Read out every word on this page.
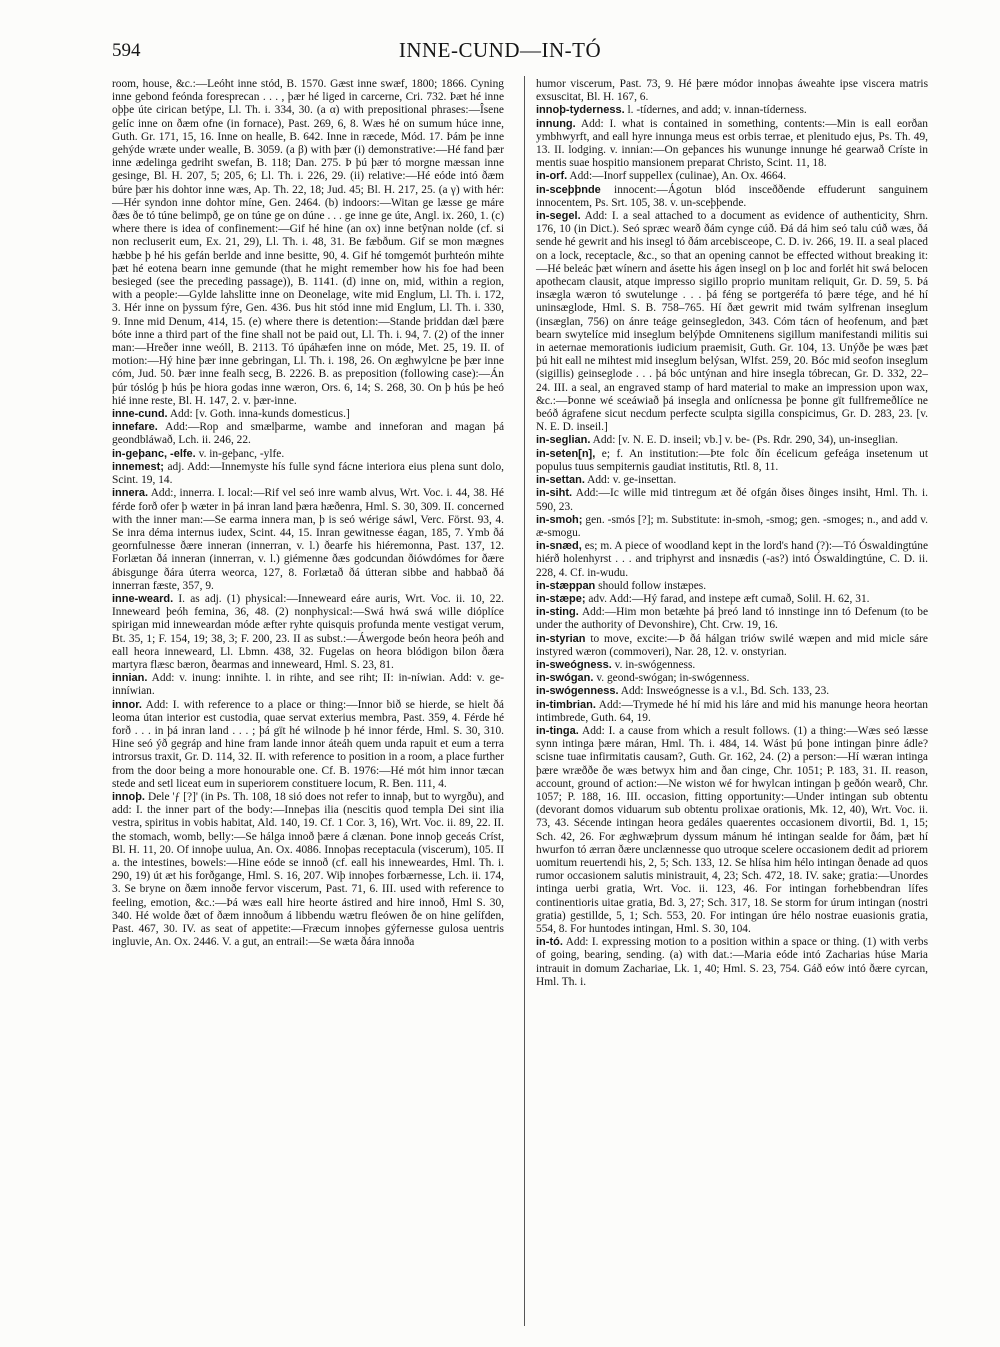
594	INNE-CUND—IN-TÓ

room, house, &c.:—Leóht inne stód, B. 1570. Gæst inne swæf, 1800; 1866. Cyning inne gebond feónda foresprecan . . . , þær hé liged in carcerne, Cri. 732. Þæt hé inne oþþe úte cirican betýpe, Ll. Th. i. 334, 30. (a α) with prepositional phrases:—Îsene gelíc inne on ðæm ofne (in fornace), Past. 269, 6, 8. Wæs hé on sumum húce inne, Guth. Gr. 171, 15, 16. Inne on healle, B. 642. Inne in ræcede, Mód. 17. Þám þe inne gehýde wræte under wealle, B. 3059. (a β) with þær (i) demonstrative:—Hé fand þær inne ædelinga gedriht swefan, B. 118; Dan. 275. Þ þú þær tó morgne mæssan inne gesinge, Bl. H. 207, 5; 205, 6; Ll. Th. i. 226, 29. (ii) relative:—Hé eóde intó ðæm búre þær his dohtor inne wæs, Ap. Th. 22, 18; Jud. 45; Bl. H. 217, 25. (a γ) with hér:—Hér syndon inne dohtor míne, Gen. 2464. (b) indoors:—Witan ge læsse ge máre ðæs ðe tó túne belimpð, ge on túne ge on dúne . . . ge inne ge úte, Angl. ix. 260, 1. (c) where there is idea of confinement:—Gif hé hine (an ox) inne betŷnan nolde (cf. si non recluserit eum, Ex. 21, 29), Ll. Th. i. 48, 31. Be fæbðum. Gif se mon mægnes hæbbe þ hé his gefán berlde and inne besitte, 90, 4. Gif hé tomgemót þurhteón mihte þæt hé eotena bearn inne gemunde (that he might remember how his foe had been besieged (see the preceding passage)), B. 1141. (d) inne on, mid, within a region, with a people:—Gylde lahslitte inne on Deonelage, wite mid Englum, Ll. Th. i. 172, 3. Hér inne on þyssum fýre, Gen. 436. Þus hit stód inne mid Englum, Ll. Th. i. 330, 9. Inne mid Denum, 414, 15. (e) where there is detention:—Stande þriddan dæl þære bóte inne a third part of the fine shall not be paid out, Ll. Th. i. 94, 7. (2) of the inner man:—Hreðer inne weóll, B. 2113. Tó úpáhæfen inne on móde, Met. 25, 19. II. of motion:—Hý hine þær inne gebringan, Ll. Th. i. 198, 26. On æghwylcne þe þær inne cóm, Jud. 50. Þær inne fealh secg, B. 2226. B. as preposition (following case):—Án þúr tóslóg þ hús þe hiora godas inne wæron, Ors. 6, 14; S. 268, 30. On þ hús þe heó hié inne reste, Bl. H. 147, 2. v. þær-inne.

inne-cund. Add: [v. Goth. inna-kunds domesticus.]

innefare. Add:—Rop and smælþarme, wambe and inneforan and magan þá geondbláwað, Lch. ii. 246, 22.

in-geþanc, -elfe. v. in-geþanc, -ylfe.

innemest; adj. Add:—Innemyste hís fulle synd fácne interiora eius plena sunt dolo, Scint. 19, 14.

innera. Add:, innerra. I. local:—Rif vel seó inre wamb alvus, Wrt. Voc. i. 44, 38. Hé férde forð ofer þ wæter in þá inran land þæra hæðenra, Hml. S. 30, 309. II. concerned with the inner man:—Se earma innera man, þ is seó wérige sáwl, Verc. Först. 93, 4. Se inra déma internus iudex, Scint. 44, 15. Inran gewitnesse éagan, 185, 7. Ymb ðá geornfulnesse ðære inneran (innerran, v. l.) ðearfe his hiéremonna, Past. 137, 12. Forlætan ðá inneran (innerran, v. l.) giémenne ðæs godcundan ðiówdómes for ðære ábisgunge ðára úterra weorca, 127, 8. Forlætað ðá útteran sibbe and habbað ðá innerran fæste, 357, 9.

inne-weard. I. as adj. (1) physical:—Inneweard eáre auris, Wrt. Voc. ii. 10, 22. Inneweard þeóh femina, 36, 48. (2) nonphysical:—Swá hwá swá wille dióplíce spirigan mid inneweardan móde æfter ryhte quisquis profunda mente vestigat verum, Bt. 35, 1; F. 154, 19; 38, 3; F. 200, 23. II as subst.:—Áwergode beón heora þeóh and eall heora inneweard, Ll. Lbmn. 438, 32. Fugelas on heora blódigon bilon ðæra martyra flæsc bæron, ðearmas and inneweard, Hml. S. 23, 81.

innian. Add: v. inung: innihte. l. in rihte, and see riht; II: in-níwian. Add: v. ge-inníwian.

innor. Add: I. with reference to a place or thing:—Innor bið se hierde, se hielt ðá leoma útan interior est custodia, quae servat exterius membra, Past. 359, 4. Férde hé forð . . . in þá inran land . . . ; þá gït hé wilnode þ hé innor férde, Hml. S. 30, 310. Hine seó ýð gegráp and hine fram lande innor áteáh quem unda rapuit et eum a terra introrsus traxit, Gr. D. 114, 32. II. with reference to position in a room, a place further from the door being a more honourable one. Cf. B. 1976:—Hé mót him innor tæcan stede and setl liceat eum in superiorem constituere locum, R. Ben. 111, 4.

innoþ. Dele 'ƒ [?]' (in Ps. Th. 108, 18 sió does not refer to innaþ, but to wyrgðu), and add: I. the inner part of the body:—Inneþas ilia (nescitis quod templa Dei sint ilia vestra, spiritus in vobis habitat, Ald. 140, 19. Cf. 1 Cor. 3, 16), Wrt. Voc. ii. 89, 22. II. the stomach, womb, belly:—Se hálga innoð þære á clænan. Þone innoþ geceás Críst, Bl. H. 11, 20. Of innoþe uulua, An. Ox. 4086. Innoþas receptacula (viscerum), 105. II a. the intestines, bowels:—Hine eóde se innoð (cf. eall his inneweardes, Hml. Th. i. 290, 19) út æt his forðgange, Hml. S. 16, 207. Wiþ innoþes forbærnesse, Lch. ii. 174, 3. Se bryne on ðæm innoðe fervor viscerum, Past. 71, 6. III. used with reference to feeling, emotion, &c.:—Þá wæs eall hire heorte ástired and hire innoð, Hml S. 30, 340. Hé wolde ðæt of ðæm innoðum á libbendu wætru fleówen ðe on hine gelífden, Past. 467, 30. IV. as seat of appetite:—Fræcum innoþes gýfernesse gulosa uentris ingluvie, An. Ox. 2446. V. a gut, an entrail:—Se wæta ðára innoða

humor viscerum, Past. 73, 9. Hé þære módor innoþas áweahte ipse viscera matris exsuscitat, Bl. H. 167, 6.

innoþ-tyderness. l. -tídernes, and add; v. innan-tíderness.

innung. Add: I. what is contained in something, contents:—Min is eall eorðan ymbhwyrft, and eall hyre innunga meus est orbis terrae, et plenitudo ejus, Ps. Th. 49, 13. II. lodging. v. innian:—On geþances his wununge innunge hé gearwað Críste in mentis suae hospitio mansionem preparat Christo, Scint. 11, 18.

in-orf. Add:—Inorf suppellex (culinae), An. Ox. 4664.

in-sceþþnde innocent:—Ágotun blód insceððende effuderunt sanguinem innocentem, Ps. Srt. 105, 38. v. un-sceþþende.

in-segel. Add: I. a seal attached to a document as evidence of authenticity, Shrn. 176, 10 (in Dict.). Seó spræc wearð ðám cynge cúð. Ðá dá him seó talu cúð wæs, ðá sende hé gewrit and his insegl tó ðám arcebisceope, C. D. iv. 266, 19. II. a seal placed on a lock, receptacle, &c., so that an opening cannot be effected without breaking it:—Hé beleác þæt wínern and ásette his ágen insegl on þ loc and forlét hit swá belocen apothecam clausit, atque impresso sigillo proprio munitam reliquit, Gr. D. 59, 5. Þá insægla wæron tó swutelunge . . . þá féng se portgeréfa tó þære tége, and hé hí uninsæglode, Hml. S. B. 758–765. Hí ðæt gewrit mid twám sylfrenan inseglum (insæglan, 756) on ánre teáge geinsegledon, 343. Cóm tácn of heofenum, and þæt bearn swytelíce mid inseglum belýþde Omnitenens sigillum manifestandi militis sui in aeternae memorationis iudicium praemisit, Guth. Gr. 104, 13. Unýðe þe wæs þæt þú hit eall ne mihtest mid inseglum belýsan, Wlfst. 259, 20. Bóc mid seofon inseglum (sigillis) geinseglode . . . þá bóc untýnan and hire insegla tóbrecan, Gr. D. 332, 22–24. III. a seal, an engraved stamp of hard material to make an impression upon wax, &c.:—Þonne wé sceáwiað þá insegla and onlícnessa þe þonne gït fullfremeðlíce ne beóð ágrafene sicut necdum perfecte sculpta sigilla conspicimus, Gr. D. 283, 23. [v. N. E. D. inseil.]

in-seglian. Add: [v. N. E. D. inseil; vb.] v. be- (Ps. Rdr. 290, 34), un-inseglian.

in-seten[n], e; f. An institution:—Þte folc ðín écelicum gefeága insetenum ut populus tuus sempiternis gaudiat institutis, Rtl. 8, 11.

in-settan. Add: v. ge-insettan.

in-siht. Add:—Ic wille mid tintregum æt ðé ofgán ðises ðinges insiht, Hml. Th. i. 590, 23.

in-smoh; gen. -smós [?]; m. Substitute: in-smoh, -smog; gen. -smoges; n., and add v. æ-smogu.

in-snæd, es; m. A piece of woodland kept in the lord's hand (?):—Tó Óswaldingtúne hiérð holenhyrst . . . and triphyrst and insnædis (-as?) intó Óswaldingtúne, C. D. ii. 228, 4. Cf. in-wudu.

in-stæppan should follow instæpes.

in-stæpe; adv. Add:—Hý farad, and instepe æft cumað, Solil. H. 62, 31.

in-sting. Add:—Him mon betæhte þá þreó land tó innstinge inn tó Defenum (to be under the authority of Devonshire), Cht. Crw. 19, 16.

in-styrian to move, excite:—Þ ðá hálgan triów swilé wæpen and mid micle sáre instyred wæron (commoveri), Nar. 28, 12. v. onstyrian.

in-sweógness. v. in-swógenness.

in-swógan. v. geond-swógan; in-swógenness.

in-swógenness. Add: Insweógnesse is a v.l., Bd. Sch. 133, 23.

in-timbrian. Add:—Trymede hé hí mid his láre and mid his manunge heora heortan intimbrede, Guth. 64, 19.

in-tinga. Add: I. a cause from which a result follows. (1) a thing:—Wæs seó læsse synn intinga þære máran, Hml. Th. i. 484, 14. Wást þú þone intingan þinre ádle? scisne tuae infirmitatis causam?, Guth. Gr. 162, 24. (2) a person:—Hí wæran intinga þære wræððe ðe wæs betwyx him and ðan cinge, Chr. 1051; P. 183, 31. II. reason, account, ground of action:—Ne wiston wé for hwylcan intingan þ geðón wearð, Chr. 1057; P. 188, 16. III. occasion, fitting opportunity:—Under intingan sub obtentu (devorant domos viduarum sub obtentu prolixae orationis, Mk. 12, 40), Wrt. Voc. ii. 73, 43. Sécende intingan heora gedáles quaerentes occasionem divortii, Bd. 1, 15; Sch. 42, 26. For æghwæþrum dyssum mánum hé intingan sealde for ðám, þæt hí hwurfon tó ærran ðære unclænnesse quo utroque scelere occasionem dedit ad priorem uomitum reuertendi his, 2, 5; Sch. 133, 12. Se hlísa him hélo intingan ðenade ad quos rumor occasionem salutis ministrauit, 4, 23; Sch. 472, 18. IV. sake; gratia:—Unordes intinga uerbi gratia, Wrt. Voc. ii. 123, 46. For intingan forhebbendran lífes continentioris uitae gratia, Bd. 3, 27; Sch. 317, 18. Se storm for úrum intingan (nostri gratia) gestillde, 5, 1; Sch. 553, 20. For intingan úre hélo nostrae euasionis gratia, 554, 8. For huntodes intingan, Hml. S. 30, 104.

in-tó. Add: I. expressing motion to a position within a space or thing. (1) with verbs of going, bearing, sending. (a) with dat.:—Maria eóde intó Zacharias húse Maria intrauit in domum Zachariae, Lk. 1, 40; Hml. S. 23, 754. Gáð eów intó ðære cyrcan, Hml. Th. i.
